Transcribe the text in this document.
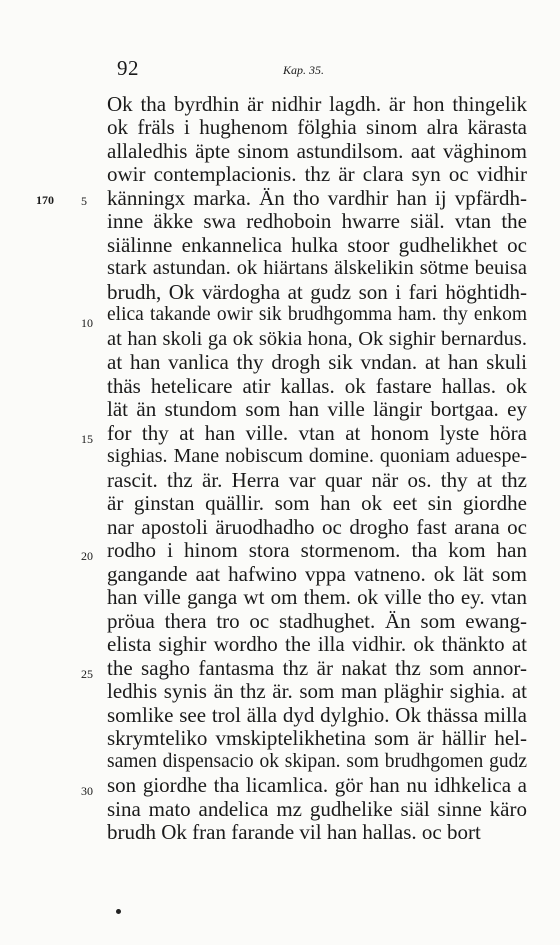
92	Kap. 35.
170 5
10
15
20
25
30
Ok tha byrdhin är nidhir lagdh. är hon thingelik
ok fräls i hughenom fölghia sinom alra kärasta
allaledhis äpte sinom astundilsom. aat väghinom
owir contemplacionis. thz är clara syn oc vidhir
känningx marka. Än tho vardhir han ij vpfärdh-
inne äkke swa redhoboin hwarre siäl. vtan the
siälinne enkannelica hulka stoor gudhelikhet oc
stark astundan. ok hiärtans älskelikin sötme beuisa
brudh, Ok värdogha at gudz son i fari höghtidh-
elica takande owir sik brudhgomma ham. thy enkom
at han skoli ga ok sökia hona, Ok sighir bernardus.
at han vanlica thy drogh sik vndan. at han skuli
thäs hetelicare atir kallas. ok fastare hallas. ok
lät än stundom som han ville längir bortgaa. ey
for thy at han ville. vtan at honom lyste höra
sighias. Mane nobiscum domine. quoniam aduespe-
rascit. thz är. Herra var quar när os. thy at thz
är ginstan quällir. som han ok eet sin giordhe
nar apostoli äruodhadho oc drogho fast arana oc
rodho i hinom stora stormenom. tha kom han
gangande aat hafwino vppa vatneno. ok lät som
han ville ganga wt om them. ok ville tho ey. vtan
pröua thera tro oc stadhughet. Än som ewang-
elista sighir wordho the illa vidhir. ok thänkto at
the sagho fantasma thz är nakat thz som annor-
ledhis synis än thz är. som man pläghir sighia. at
somlike see trol älla dyd dylghio. Ok thässa milla
skrymteliko vmskiptelikhetina som är hällir hel-
samen dispensacio ok skipan. som brudhgomen gudz
son giordhe tha licamlica. gör han nu idhkelica a
sina mato andelica mz gudhelike siäl sinne käro
brudh Ok fran farande vil han hallas. oc bort
